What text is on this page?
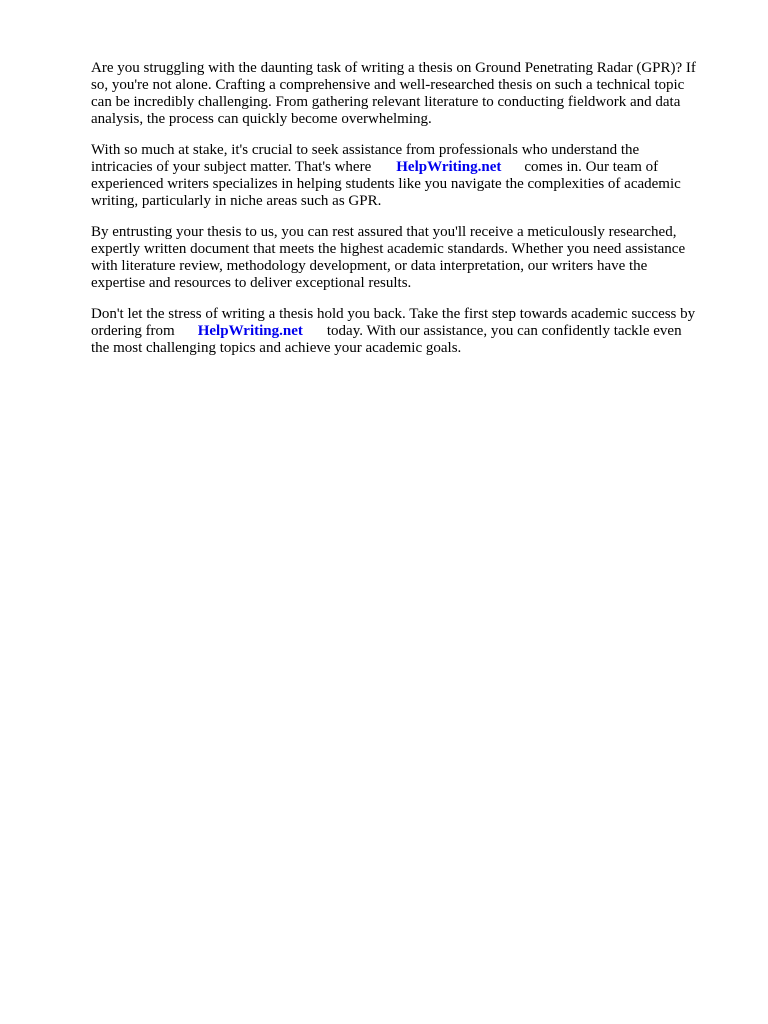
Are you struggling with the daunting task of writing a thesis on Ground Penetrating Radar (GPR)? If
so, you're not alone. Crafting a comprehensive and well-researched thesis on such a technical topic
can be incredibly challenging. From gathering relevant literature to conducting fieldwork and data
analysis, the process can quickly become overwhelming.

With so much at stake, it's crucial to seek assistance from professionals who understand the
intricacies of your subject matter. That's where HelpWriting.net comes in. Our team of
experienced writers specializes in helping students like you navigate the complexities of academic
writing, particularly in niche areas such as GPR.

By entrusting your thesis to us, you can rest assured that you'll receive a meticulously researched,
expertly written document that meets the highest academic standards. Whether you need assistance
with literature review, methodology development, or data interpretation, our writers have the
expertise and resources to deliver exceptional results.

Don't let the stress of writing a thesis hold you back. Take the first step towards academic success by
ordering from HelpWriting.net today. With our assistance, you can confidently tackle even
the most challenging topics and achieve your academic goals.
